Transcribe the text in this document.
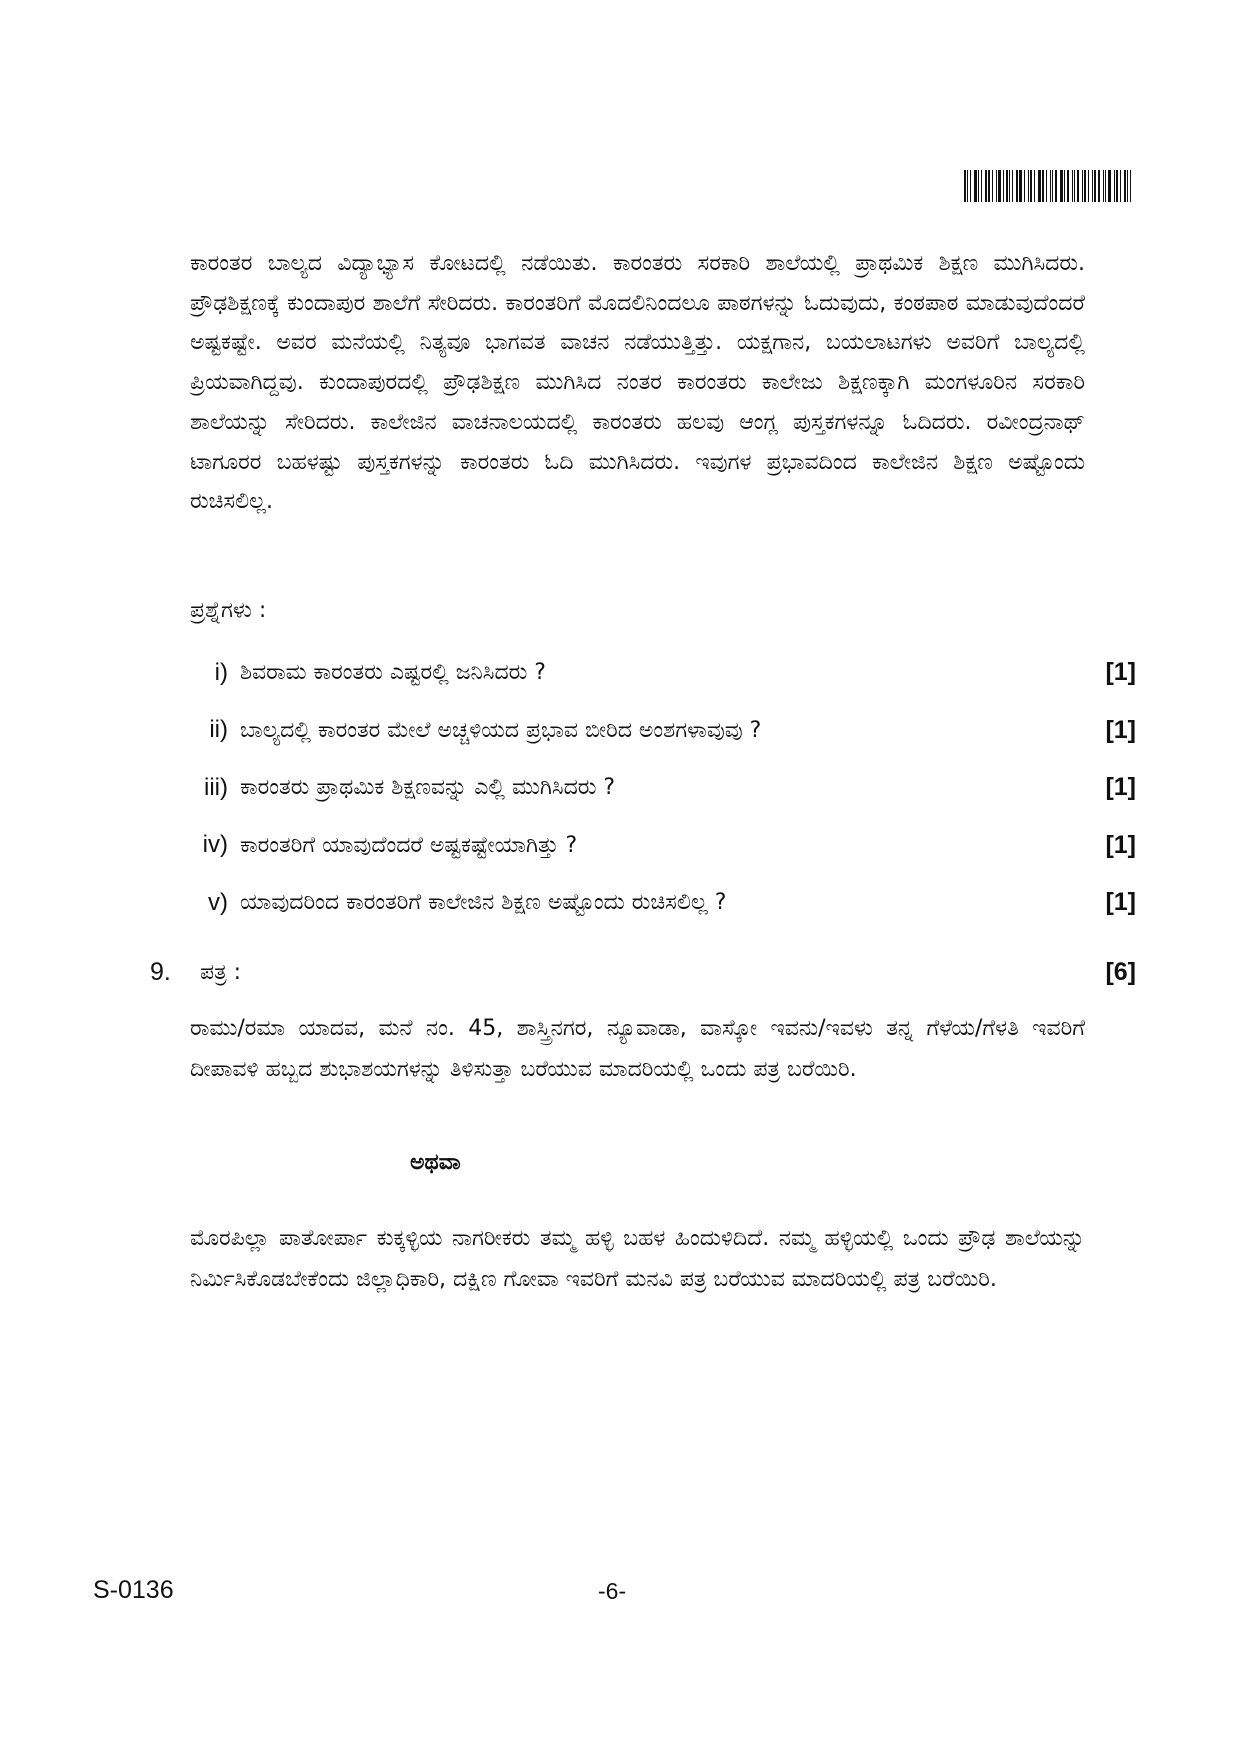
ಕಾರಂತರ ಬಾಲ್ಯದ ವಿದ್ಯಾಭ್ಯಾಸ ಕೋಟದಲ್ಲಿ ನಡೆಯಿತು. ಕಾರಂತರು ಸರಕಾರಿ ಶಾಲೆಯಲ್ಲಿ ಪ್ರಾಥಮಿಕ ಶಿಕ್ಷಣ ಮುಗಿಸಿದರು. ಪ್ರೌಢಶಿಕ್ಷಣಕ್ಕೆ ಕುಂದಾಪುರ ಶಾಲೆಗೆ ಸೇರಿದರು. ಕಾರಂತರಿಗೆ ಮೊದಲಿನಿಂದಲೂ ಪಾಠಗಳನ್ನು ಓದುವುದು, ಕಂಠಪಾಠ ಮಾಡುವುದೆಂದರೆ ಅಷ್ಟಕಷ್ಟೇ. ಅವರ ಮನೆಯಲ್ಲಿ ನಿತ್ಯವೂ ಭಾಗವತ ವಾಚನ ನಡೆಯುತ್ತಿತ್ತು. ಯಕ್ಷಗಾನ, ಬಯಲಾಟಗಳು ಅವರಿಗೆ ಬಾಲ್ಯದಲ್ಲಿ ಪ್ರಿಯವಾಗಿದ್ದವು. ಕುಂದಾಪುರದಲ್ಲಿ ಪ್ರೌಢಶಿಕ್ಷಣ ಮುಗಿಸಿದ ನಂತರ ಕಾರಂತರು ಕಾಲೇಜು ಶಿಕ್ಷಣಕ್ಕಾಗಿ ಮಂಗಳೂರಿನ ಸರಕಾರಿ ಶಾಲೆಯನ್ನು ಸೇರಿದರು. ಕಾಲೇಜಿನ ವಾಚನಾಲಯದಲ್ಲಿ ಕಾರಂತರು ಹಲವು ಆಂಗ್ಲ ಪುಸ್ತಕಗಳನ್ನೂ ಓದಿದರು. ರವೀಂದ್ರನಾಥ್ ಟಾಗೂರರ ಬಹಳಷ್ಟು ಪುಸ್ತಕಗಳನ್ನು ಕಾರಂತರು ಓದಿ ಮುಗಿಸಿದರು. ಇವುಗಳ ಪ್ರಭಾವದಿಂದ ಕಾಲೇಜಿನ ಶಿಕ್ಷಣ ಅಷ್ಟೊಂದು ರುಚಿಸಲಿಲ್ಲ.
ಪ್ರಶ್ನೆಗಳು :
i) ಶಿವರಾಮ ಕಾರಂತರು ಎಷ್ಟರಲ್ಲಿ ಜನಿಸಿದರು ?	[1]
ii) ಬಾಲ್ಯದಲ್ಲಿ ಕಾರಂತರ ಮೇಲೆ ಅಚ್ಚಳಿಯದ ಪ್ರಭಾವ ಬೀರಿದ ಅಂಶಗಳಾವುವು ?	[1]
iii) ಕಾರಂತರು ಪ್ರಾಥಮಿಕ ಶಿಕ್ಷಣವನ್ನು ಎಲ್ಲಿ ಮುಗಿಸಿದರು ?	[1]
iv) ಕಾರಂತರಿಗೆ ಯಾವುದೆಂದರೆ ಅಷ್ಟಕಷ್ಟೇಯಾಗಿತ್ತು ?	[1]
v) ಯಾವುದರಿಂದ ಕಾರಂತರಿಗೆ ಕಾಲೇಜಿನ ಶಿಕ್ಷಣ ಅಷ್ಟೊಂದು ರುಚಿಸಲಿಲ್ಲ ?	[1]
9.	ಪತ್ರ :	[6]
ರಾಮು/ರಮಾ ಯಾದವ, ಮನೆ ನಂ. 45, ಶಾಸ್ತ್ರಿನಗರ, ನ್ಯೂವಾಡಾ, ವಾಸ್ಕೋ ಇವನು/ಇವಳು ತನ್ನ ಗೆಳೆಯ/ಗೆಳತಿ ಇವರಿಗೆ ದೀಪಾವಳಿ ಹಬ್ಬದ ಶುಭಾಶಯಗಳನ್ನು ತಿಳಿಸುತ್ತಾ ಬರೆಯುವ ಮಾದರಿಯಲ್ಲಿ ಒಂದು ಪತ್ರ ಬರೆಯಿರಿ.
ಅಥವಾ
ಮೊರಪಿಲ್ಲಾ ಪಾತೋರ್ಪಾ ಕುಕ್ಕಳ್ಳಿಯ ನಾಗರೀಕರು ತಮ್ಮ ಹಳ್ಳಿ ಬಹಳ ಹಿಂದುಳಿದಿದೆ. ನಮ್ಮ ಹಳ್ಳಿಯಲ್ಲಿ ಒಂದು ಪ್ರೌಢ ಶಾಲೆಯನ್ನು ನಿರ್ಮಿಸಿಕೊಡಬೇಕೆಂದು ಜಿಲ್ಲಾಧಿಕಾರಿ, ದಕ್ಷಿಣ ಗೋವಾ ಇವರಿಗೆ ಮನವಿ ಪತ್ರ ಬರೆಯುವ ಮಾದರಿಯಲ್ಲಿ ಪತ್ರ ಬರೆಯಿರಿ.
S-0136	-6-
